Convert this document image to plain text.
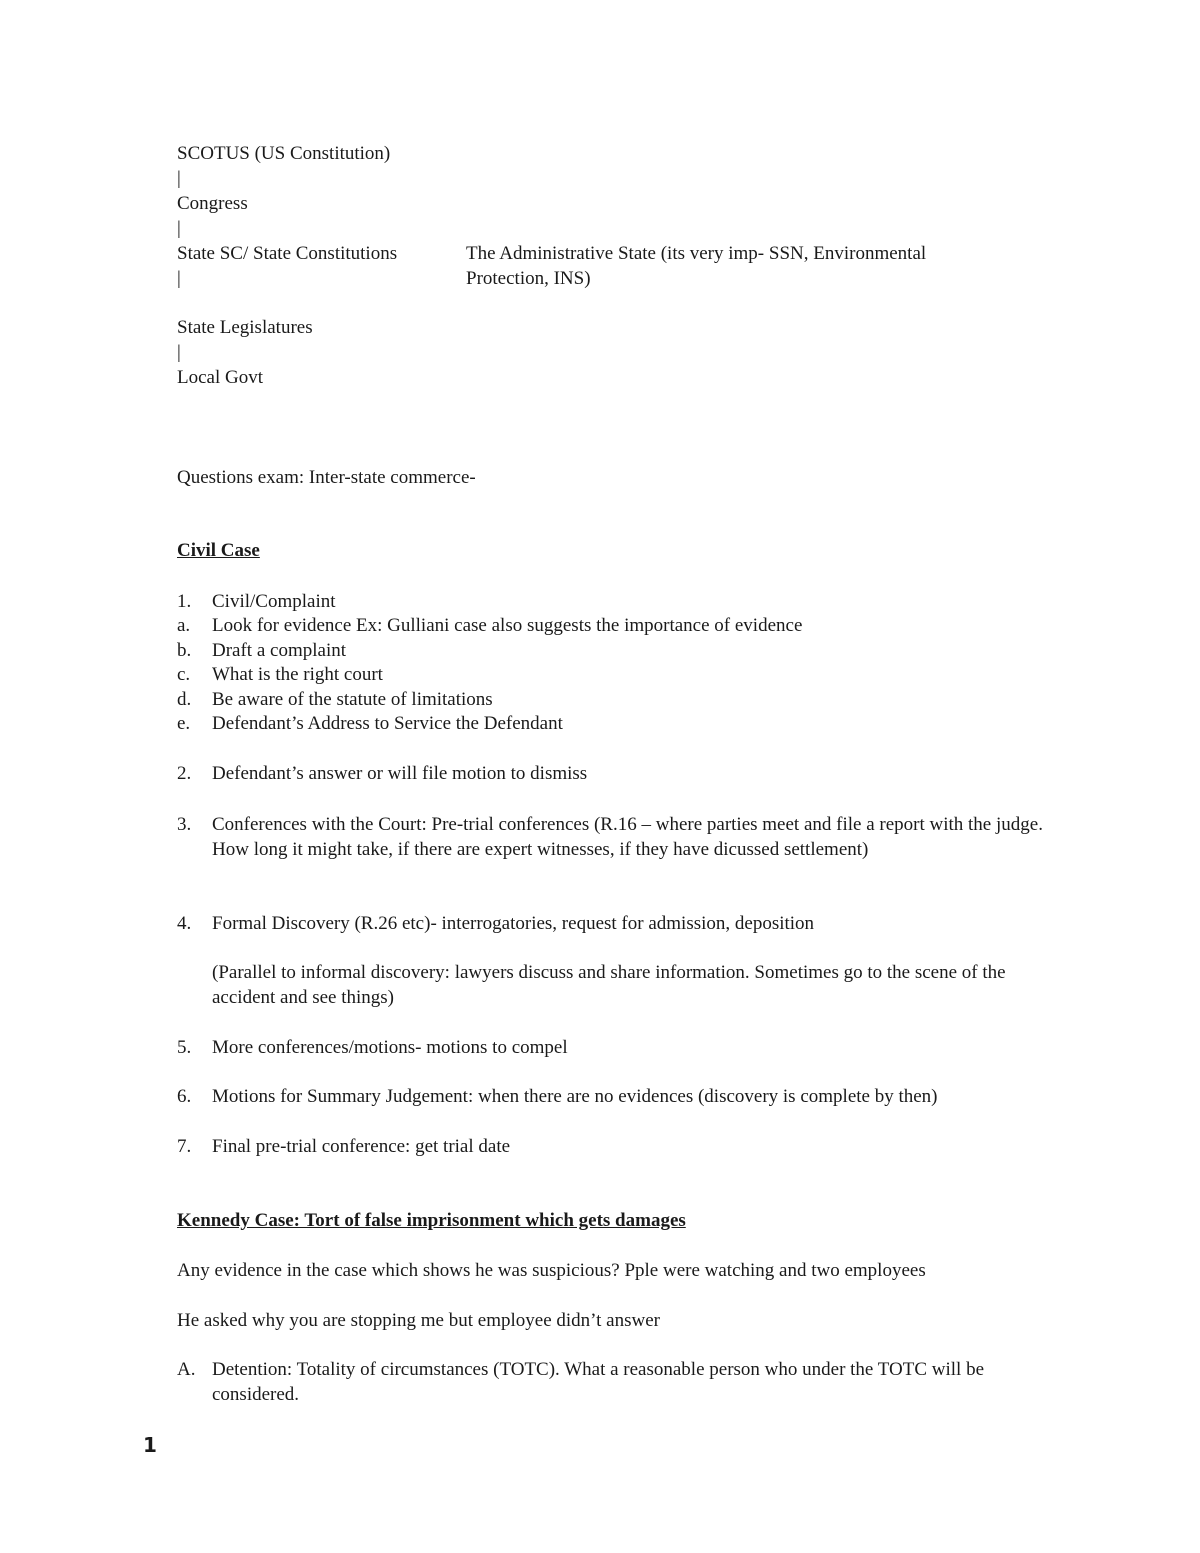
SCOTUS (US Constitution)
|
Congress
|
State SC/ State Constitutions	The Administrative State (its very imp- SSN, Environmental
|	Protection, INS)
State Legislatures
|
Local Govt
Questions exam: Inter-state commerce-
Civil Case
1.	Civil/Complaint
a.	Look for evidence Ex: Gulliani case also suggests the importance of evidence
b.	Draft a complaint
c.	What is the right court
d.	Be aware of the statute of limitations
e.	Defendant’s Address to Service the Defendant
2.	Defendant’s answer or will file motion to dismiss
3.	Conferences with the Court: Pre-trial conferences (R.16 – where parties meet and file a report with the judge. How long it might take, if there are expert witnesses, if they have dicussed settlement)
4.	Formal Discovery (R.26 etc)- interrogatories, request for admission, deposition
(Parallel to informal discovery: lawyers discuss and share information. Sometimes go to the scene of the accident and see things)
5.	More conferences/motions- motions to compel
6.	Motions for Summary Judgement: when there are no evidences (discovery is complete by then)
7.	Final pre-trial conference: get trial date
Kennedy Case: Tort of false imprisonment which gets damages
Any evidence in the case which shows he was suspicious? Pple were watching and two employees
He asked why you are stopping me but employee didn’t answer
A. Detention: Totality of circumstances (TOTC). What a reasonable person who under the TOTC will be considered.
1
